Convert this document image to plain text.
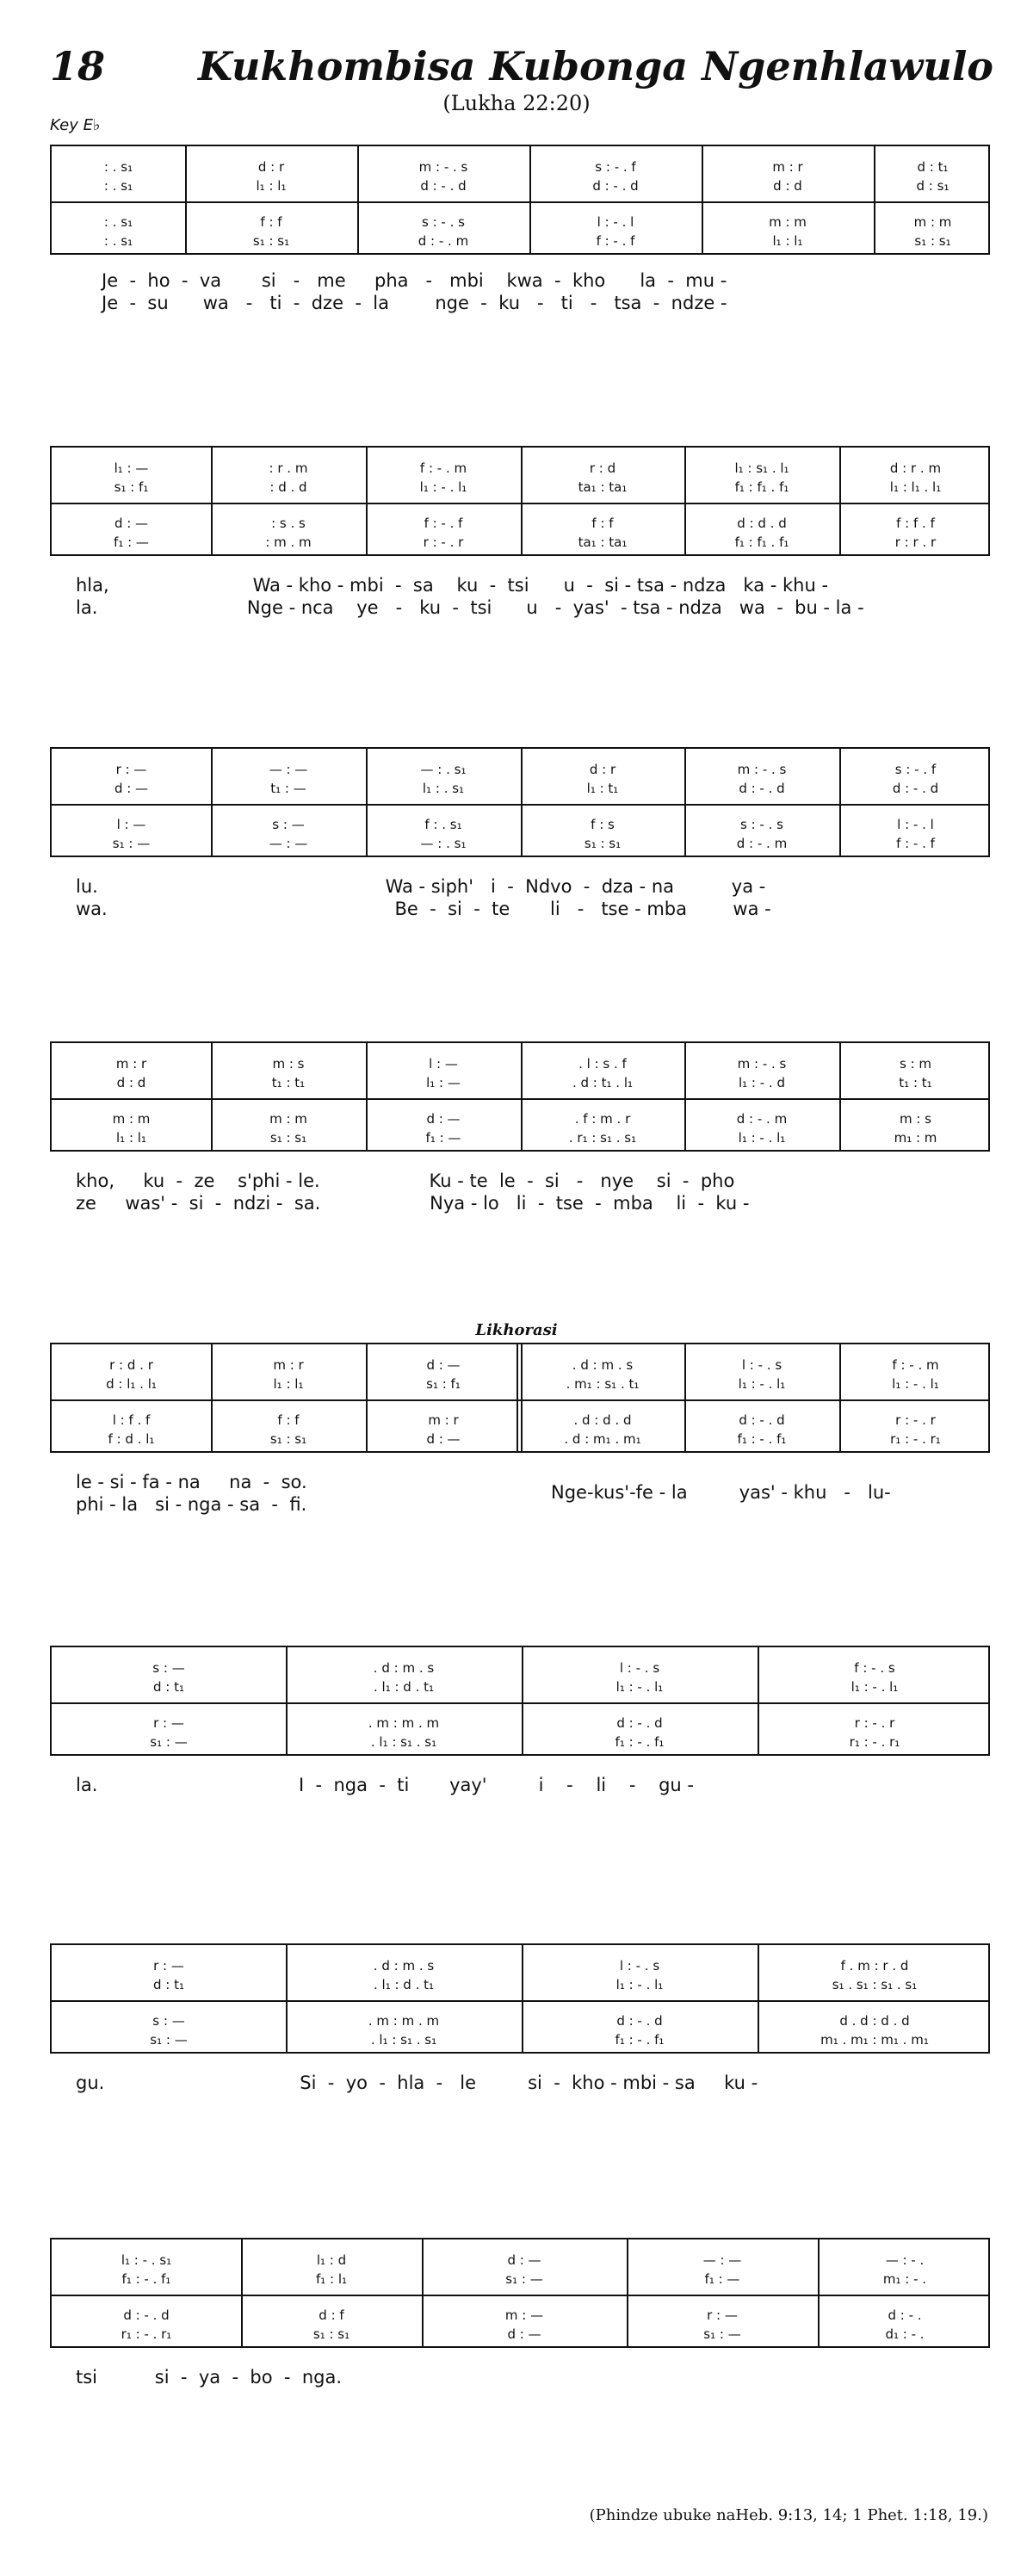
18 Kukhombisa Kubonga Ngenhlawulo
(Lukha 22:20)
Key E♭
: . s₁
: . s₁
: . s₁
: . s₁
d : r
l₁ : l₁
f : f
s₁ : s₁
m : - . s
d : - . d
s : - . s
d : - . m
s : - . f
d : - . d
l : - . l
f : - . f
m : r
d : d
m : m
l₁ : l₁
d : t₁
d : s₁
m : m
s₁ : s₁
l₁ : —
s₁ : f₁
d : —
f₁ : —
: r . m
: d . d
: s . s
: m . m
f : - . m
l₁ : - . l₁
f : - . f
r : - . r
r : d
ta₁ : ta₁
f : f
ta₁ : ta₁
l₁ : s₁ . l₁
f₁ : f₁ . f₁
d : d . d
f₁ : f₁ . f₁
d : r . m
l₁ : l₁ . l₁
f : f . f
r : r . r
r : —
d : —
l : —
s₁ : —
— : —
t₁ : —
s : —
— : —
— : . s₁
l₁ : . s₁
f : . s₁
— : . s₁
d : r
l₁ : t₁
f : s
s₁ : s₁
m : - . s
d : - . d
s : - . s
d : - . m
s : - . f
d : - . d
l : - . l
f : - . f
m : r
d : d
m : m
l₁ : l₁
m : s
t₁ : t₁
m : m
s₁ : s₁
l : —
l₁ : —
d : —
f₁ : —
. l : s . f
. d : t₁ . l₁
. f : m . r
. r₁ : s₁ . s₁
m : - . s
l₁ : - . d
d : - . m
l₁ : - . l₁
s : m
t₁ : t₁
m : s
m₁ : m
r : d . r
d : l₁ . l₁
l : f . f
f : d . l₁
m : r
l₁ : l₁
f : f
s₁ : s₁
d : —
s₁ : f₁
m : r
d : —
. d : m . s
. m₁ : s₁ . t₁
. d : d . d
. d : m₁ . m₁
l : - . s
l₁ : - . l₁
d : - . d
f₁ : - . f₁
f : - . m
l₁ : - . l₁
r : - . r
r₁ : - . r₁
s : —
d : t₁
r : —
s₁ : —
. d : m . s
. l₁ : d . t₁
. m : m . m
. l₁ : s₁ . s₁
l : - . s
l₁ : - . l₁
d : - . d
f₁ : - . f₁
f : - . s
l₁ : - . l₁
r : - . r
r₁ : - . r₁
r : —
d : t₁
s : —
s₁ : —
. d : m . s
. l₁ : d . t₁
. m : m . m
. l₁ : s₁ . s₁
l : - . s
l₁ : - . l₁
d : - . d
f₁ : - . f₁
f . m : r . d
s₁ . s₁ : s₁ . s₁
d . d : d . d
m₁ . m₁ : m₁ . m₁
l₁ : - . s₁
f₁ : - . f₁
d : - . d
r₁ : - . r₁
l₁ : d
f₁ : l₁
d : f
s₁ : s₁
d : —
s₁ : —
m : —
d : —
— : —
f₁ : —
r : —
s₁ : —
— : - .
m₁ : - .
d : - .
d₁ : - .
Likhorasi
(Phindze ubuke naHeb. 9:13, 14; 1 Phet. 1:18, 19.)
Je  -  ho  -  va       si   -   me     pha   -   mbi    kwa  -  kho      la  -  mu -
Je  -  su      wa   -   ti  -  dze  -  la        nge  -  ku   -   ti   -   tsa  -  ndze -
hla,                         Wa - kho - mbi  -  sa    ku  -  tsi      u  -  si - tsa - ndza   ka - khu -
la.                          Nge - nca    ye   -   ku  -  tsi      u   -  yas'  - tsa - ndza   wa  -  bu - la -
lu.                                                  Wa - siph'   i  -  Ndvo  -  dza - na          ya -
wa.                                                  Be  -  si  -  te       li   -   tse - mba        wa -
kho,     ku  -  ze    s'phi - le.                   Ku - te  le  -  si   -   nye    si  -  pho
ze     was' -  si  -  ndzi -  sa.                   Nya - lo   li  -  tse  -  mba    li  -  ku -
le - si - fa - na     na  -  so.
phi - la   si - nga - sa  -  fi.
Nge-kus'-fe - la         yas' - khu   -   lu-
la.                                   I  -  nga  -  ti       yay'         i    -    li    -    gu -
gu.                                  Si  -  yo  -  hla  -   le         si  -  kho - mbi - sa     ku -
tsi          si  -  ya  -  bo  -  nga.
